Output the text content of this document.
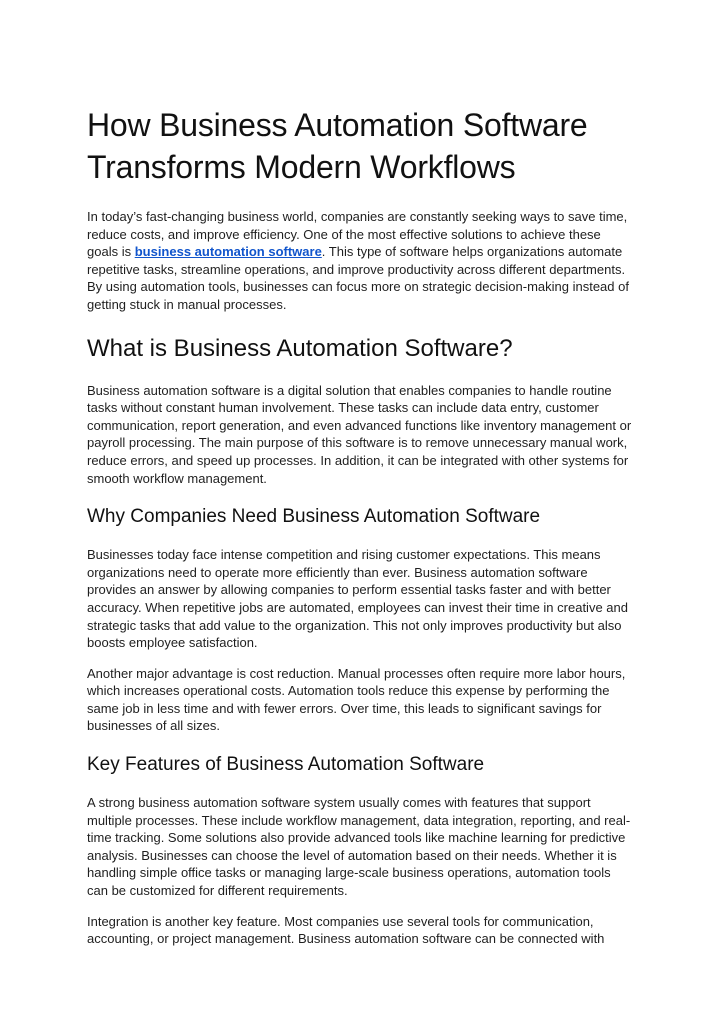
How Business Automation Software Transforms Modern Workflows

In today’s fast-changing business world, companies are constantly seeking ways to save time, reduce costs, and improve efficiency. One of the most effective solutions to achieve these goals is business automation software. This type of software helps organizations automate repetitive tasks, streamline operations, and improve productivity across different departments. By using automation tools, businesses can focus more on strategic decision-making instead of getting stuck in manual processes.

What is Business Automation Software?

Business automation software is a digital solution that enables companies to handle routine tasks without constant human involvement. These tasks can include data entry, customer communication, report generation, and even advanced functions like inventory management or payroll processing. The main purpose of this software is to remove unnecessary manual work, reduce errors, and speed up processes. In addition, it can be integrated with other systems for smooth workflow management.

Why Companies Need Business Automation Software

Businesses today face intense competition and rising customer expectations. This means organizations need to operate more efficiently than ever. Business automation software provides an answer by allowing companies to perform essential tasks faster and with better accuracy. When repetitive jobs are automated, employees can invest their time in creative and strategic tasks that add value to the organization. This not only improves productivity but also boosts employee satisfaction.

Another major advantage is cost reduction. Manual processes often require more labor hours, which increases operational costs. Automation tools reduce this expense by performing the same job in less time and with fewer errors. Over time, this leads to significant savings for businesses of all sizes.

Key Features of Business Automation Software

A strong business automation software system usually comes with features that support multiple processes. These include workflow management, data integration, reporting, and real-time tracking. Some solutions also provide advanced tools like machine learning for predictive analysis. Businesses can choose the level of automation based on their needs. Whether it is handling simple office tasks or managing large-scale business operations, automation tools can be customized for different requirements.

Integration is another key feature. Most companies use several tools for communication, accounting, or project management. Business automation software can be connected with
